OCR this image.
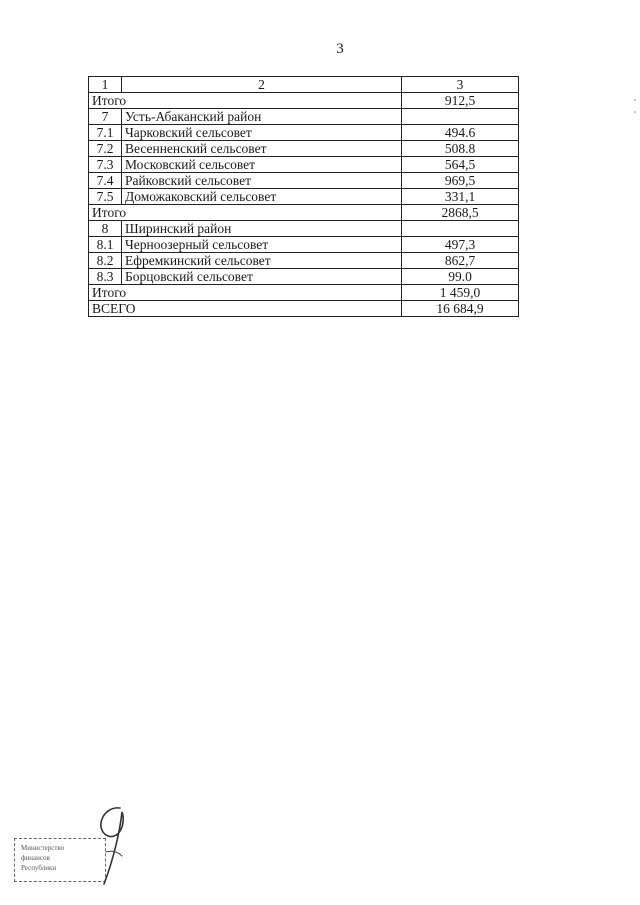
3
1	2	3
Итого		912,5
7	Усть-Абаканский район	
7.1	Чарковский сельсовет	494.6
7.2	Весенненский сельсовет	508.8
7.3	Московский сельсовет	564,5
7.4	Райковский сельсовет	969,5
7.5	Доможаковский сельсовет	331,1
Итого		2868,5
8	Ширинский район	
8.1	Черноозерный сельсовет	497,3
8.2	Ефремкинский сельсовет	862,7
8.3	Борцовский сельсовет	99.0
Итого		1 459,0
ВСЕГО		16 684,9
Министерство
финансов
Республики
